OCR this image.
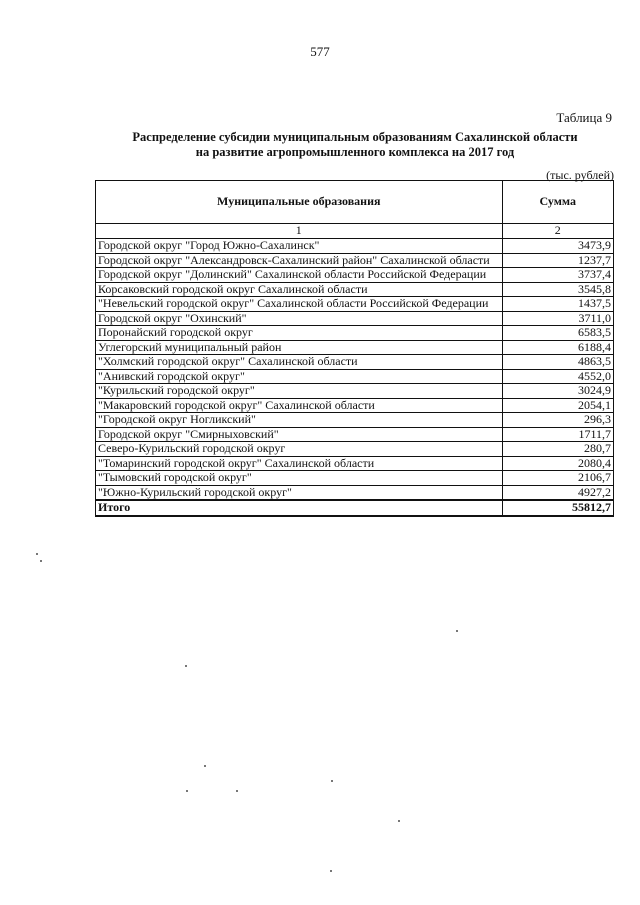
577
Таблица 9
Распределение субсидии муниципальным образованиям Сахалинской области
на развитие агропромышленного комплекса на 2017 год
(тыс. рублей)
Муниципальные образования	Сумма
1	2
Городской округ "Город Южно-Сахалинск"	3473,9
Городской округ "Александровск-Сахалинский район" Сахалинской области	1237,7
Городской округ "Долинский" Сахалинской области Российской Федерации	3737,4
Корсаковский городской округ Сахалинской области	3545,8
"Невельский городской округ" Сахалинской области Российской Федерации	1437,5
Городской округ "Охинский"	3711,0
Поронайский городской округ	6583,5
Углегорский муниципальный район	6188,4
"Холмский городской округ" Сахалинской области	4863,5
"Анивский городской округ"	4552,0
"Курильский городской округ"	3024,9
"Макаровский городской округ" Сахалинской области	2054,1
"Городской округ Ногликский"	296,3
Городской округ "Смирныховский"	1711,7
Северо-Курильский городской округ	280,7
"Томаринский городской округ" Сахалинской области	2080,4
"Тымовский городской округ"	2106,7
"Южно-Курильский городской округ"	4927,2
Итого	55812,7
